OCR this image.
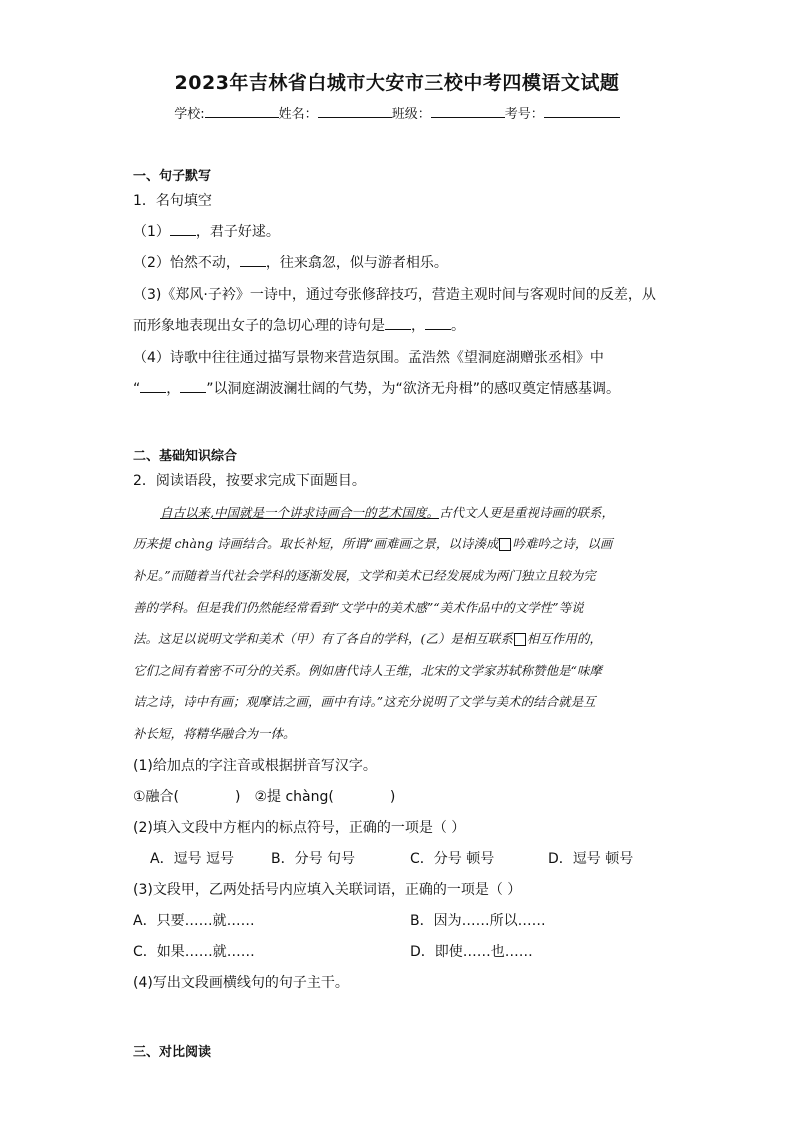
2023年吉林省白城市大安市三校中考四模语文试题
学校:	姓名：	班级：	考号：
一、句子默写
1．名句填空
（1） ，君子好逑。
（2）怡然不动， ，往来翕忽，似与游者相乐。
（3)《郑风·子衿》一诗中，通过夸张修辞技巧，营造主观时间与客观时间的反差，从
而形象地表现出女子的急切心理的诗句是 ， 。
（4）诗歌中往往通过描写景物来营造氛围。孟浩然《望洞庭湖赠张丞相》中
“ ， ”以洞庭湖波澜壮阔的气势，为“欲济无舟楫”的感叹奠定情感基调。
二、基础知识综合
2．阅读语段，按要求完成下面题目。
自古以来,中国就是一个讲求诗画合一的艺术国度。古代文人更是重视诗画的联系，
历来提 chàng 诗画结合。取长补短，所谓“画难画之景，以诗湊成 吟难吟之诗，以画
补足。”而随着当代社会学科的逐渐发展，文学和美术已经发展成为两门独立且较为完
善的学科。但是我们仍然能经常看到“文学中的美术感”“美术作品中的文学性”等说
法。这足以说明文学和美术（甲）有了各自的学科，(乙）是相互联系 相互作用的，
它们之间有着密不可分的关系。例如唐代诗人王维，北宋的文学家苏轼称赞他是“味摩
诘之诗，诗中有画；观摩诘之画，画中有诗。”这充分说明了文学与美术的结合就是互
补长短，将精华融合为一体。
(1)给加点的字注音或根据拼音写汉字。
①融合(	) ②提 chàng(	)
(2)填入文段中方框内的标点符号，正确的一项是（ ）
A．逗号 逗号	B．分号 句号	C．分号 顿号	D．逗号 顿号
(3)文段甲，乙两处括号内应填入关联词语，正确的一项是（ ）
A．只要……就……	B．因为……所以……
C．如果……就……	D．即使……也……
(4)写出文段画横线句的句子主干。
三、对比阅读
